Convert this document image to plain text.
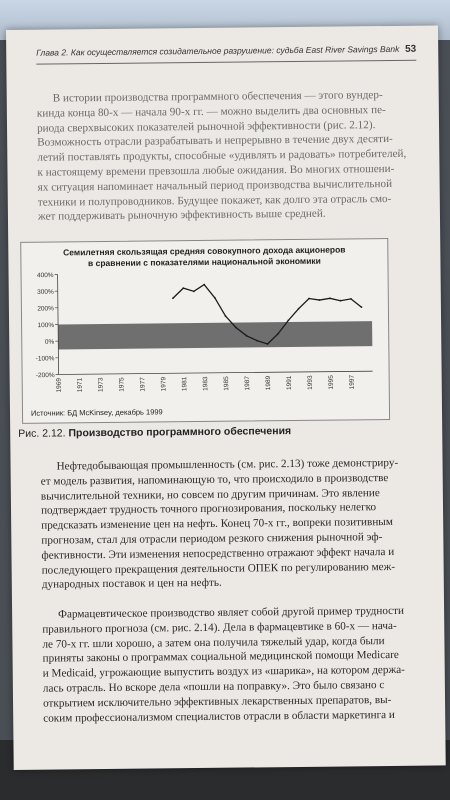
Глава 2. Как осуществляется созидательное разрушение: судьба East River Savings Bank 53
В истории производства программного обеспечения — этого вундер-
кинда конца 80-х — начала 90-х гг. — можно выделить два основных пе-
риода сверхвысоких показателей рыночной эффективности (рис. 2.12).
Возможность отрасли разрабатывать и непрерывно в течение двух десяти-
летий поставлять продукты, способные «удивлять и радовать» потребителей,
к настоящему времени превзошла любые ожидания. Во многих отношени-
ях ситуация напоминает начальный период производства вычислительной
техники и полупроводников. Будущее покажет, как долго эта отрасль смо-
жет поддерживать рыночную эффективность выше средней.
Семилетняя скользящая средняя совокупного дохода акционеров
в сравнении с показателями национальной экономики
400%
300%
200%
100%
0%
-100%
-200%
1969 1971 1973 1975 1977 1979 1981 1983 1985 1987 1989 1991 1993 1995 1997
Источник: БД McKinsey, декабрь 1999
Рис. 2.12. Производство программного обеспечения
Нефтедобывающая промышленность (см. рис. 2.13) тоже демонстриру-
ет модель развития, напоминающую то, что происходило в производстве
вычислительной техники, но совсем по другим причинам. Это явление
подтверждает трудность точного прогнозирования, поскольку нелегко
предсказать изменение цен на нефть. Конец 70-х гг., вопреки позитивным
прогнозам, стал для отрасли периодом резкого снижения рыночной эф-
фективности. Эти изменения непосредственно отражают эффект начала и
последующего прекращения деятельности ОПЕК по регулированию меж-
дународных поставок и цен на нефть.
Фармацевтическое производство являет собой другой пример трудности
правильного прогноза (см. рис. 2.14). Дела в фармацевтике в 60-х — нача-
ле 70-х гг. шли хорошо, а затем она получила тяжелый удар, когда были
приняты законы о программах социальной медицинской помощи Medicare
и Medicaid, угрожающие выпустить воздух из «шарика», на котором держа-
лась отрасль. Но вскоре дела «пошли на поправку». Это было связано с
открытием исключительно эффективных лекарственных препаратов, вы-
соким профессионализмом специалистов отрасли в области маркетинга и
